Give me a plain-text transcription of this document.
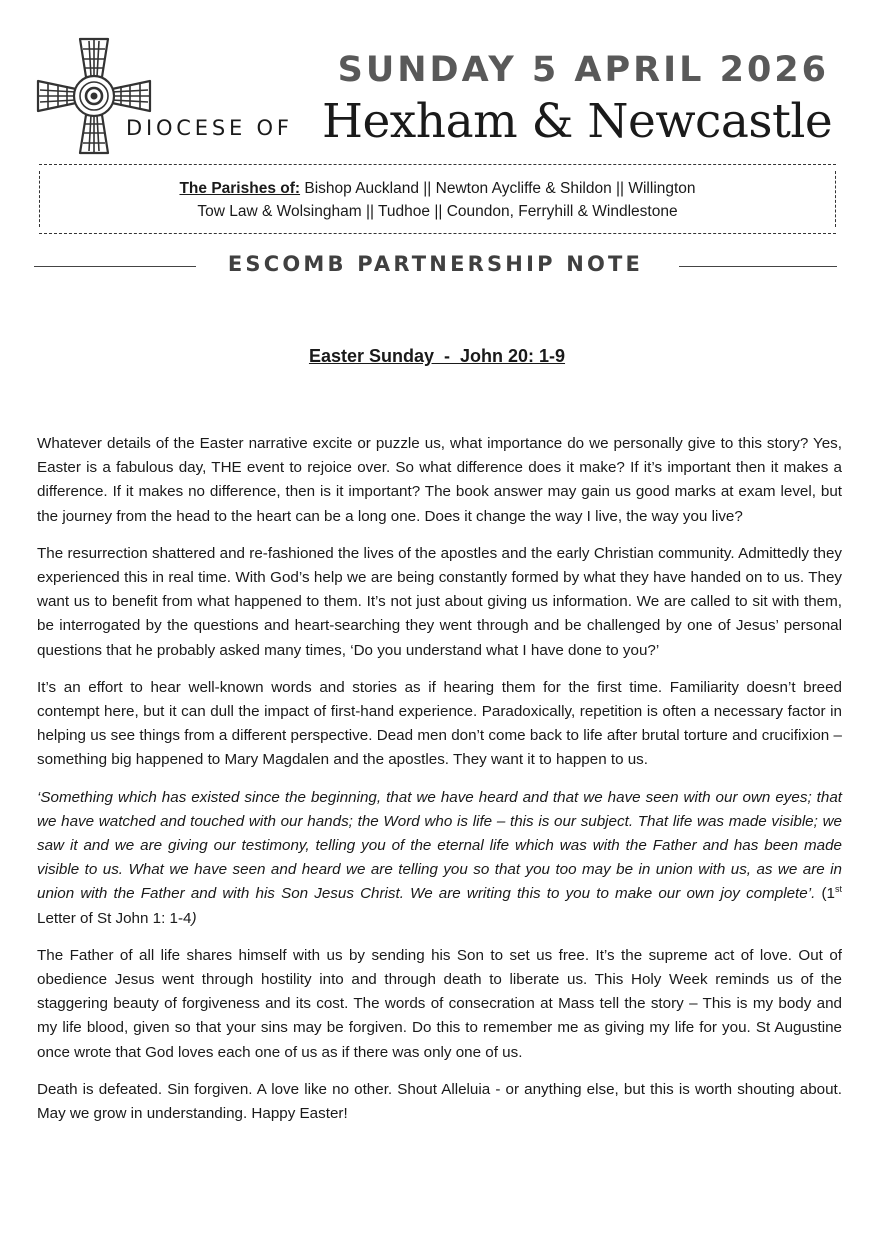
SUNDAY 5 APRIL 2026
DIOCESE OF Hexham & Newcastle
The Parishes of: Bishop Auckland || Newton Aycliffe & Shildon || Willington
Tow Law & Wolsingham || Tudhoe || Coundon, Ferryhill & Windlestone
ESCOMB PARTNERSHIP NOTE
Easter Sunday  -  John 20: 1-9

Whatever details of the Easter narrative excite or puzzle us, what importance do we personally give to this story? Yes, Easter is a fabulous day, THE event to rejoice over. So what difference does it make? If it’s important then it makes a difference. If it makes no difference, then is it important? The book answer may gain us good marks at exam level, but the journey from the head to the heart can be a long one. Does it change the way I live, the way you live?

The resurrection shattered and re-fashioned the lives of the apostles and the early Christian community. Admittedly they experienced this in real time. With God’s help we are being constantly formed by what they have handed on to us. They want us to benefit from what happened to them. It’s not just about giving us information. We are called to sit with them, be interrogated by the questions and heart-searching they went through and be challenged by one of Jesus’ personal questions that he probably asked many times, ‘Do you understand what I have done to you?’

It’s an effort to hear well-known words and stories as if hearing them for the first time. Familiarity doesn’t breed contempt here, but it can dull the impact of first-hand experience. Paradoxically, repetition is often a necessary factor in helping us see things from a different perspective. Dead men don’t come back to life after brutal torture and crucifixion – something big happened to Mary Magdalen and the apostles. They want it to happen to us.

‘Something which has existed since the beginning, that we have heard and that we have seen with our own eyes; that we have watched and touched with our hands; the Word who is life – this is our subject. That life was made visible; we saw it and we are giving our testimony, telling you of the eternal life which was with the Father and has been made visible to us. What we have seen and heard we are telling you so that you too may be in union with us, as we are in union with the Father and with his Son Jesus Christ. We are writing this to you to make our own joy complete’. (1st Letter of St John 1: 1-4)

The Father of all life shares himself with us by sending his Son to set us free. It’s the supreme act of love. Out of obedience Jesus went through hostility into and through death to liberate us. This Holy Week reminds us of the staggering beauty of forgiveness and its cost. The words of consecration at Mass tell the story – This is my body and my life blood, given so that your sins may be forgiven. Do this to remember me as giving my life for you. St Augustine once wrote that God loves each one of us as if there was only one of us.

Death is defeated. Sin forgiven. A love like no other. Shout Alleluia - or anything else, but this is worth shouting about. May we grow in understanding. Happy Easter!
